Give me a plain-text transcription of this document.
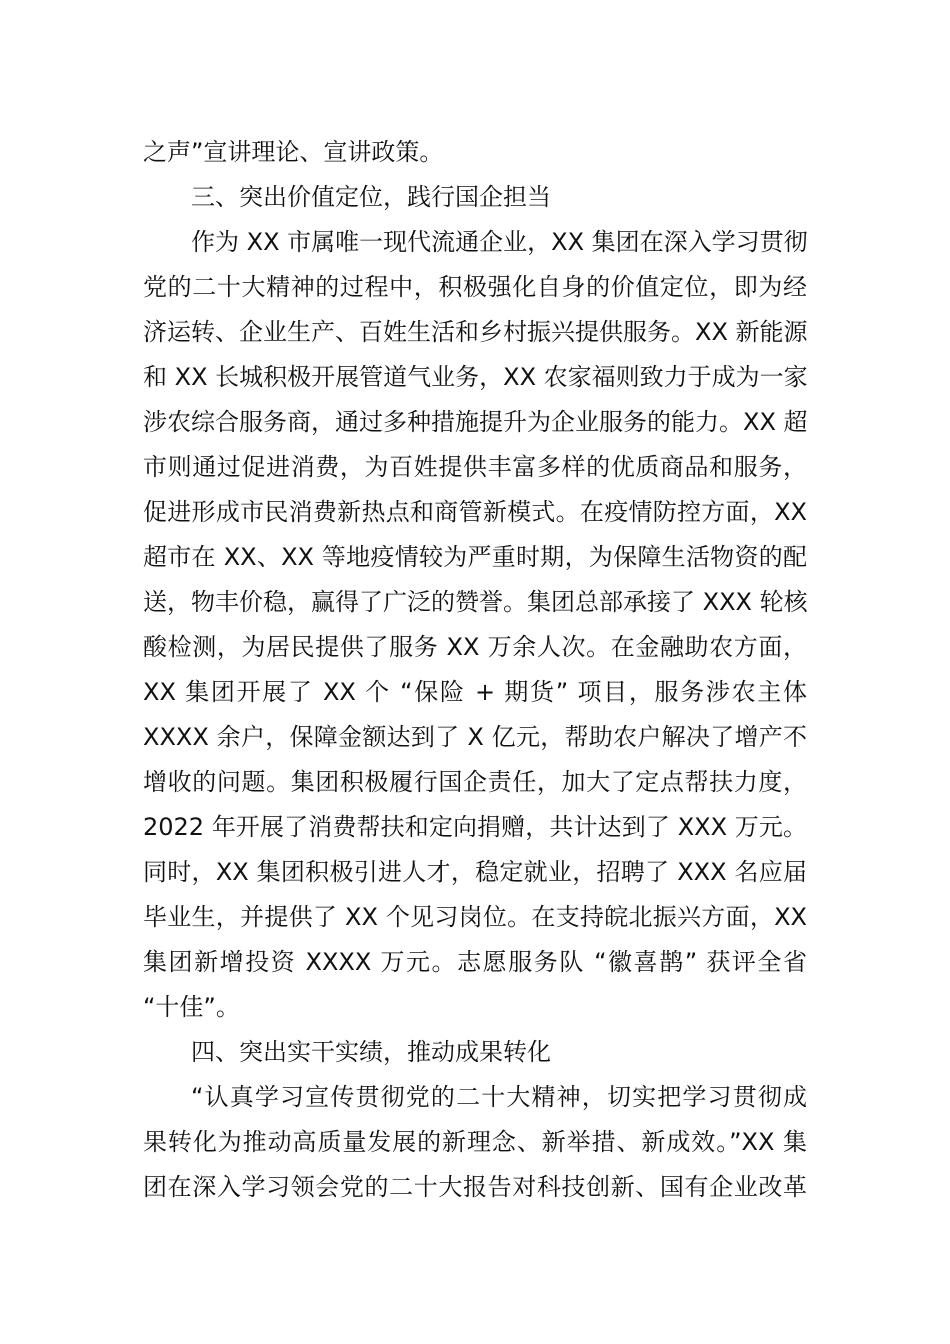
之声”宣讲理论、宣讲政策。
三、突出价值定位，践行国企担当
作为 XX 市属唯一现代流通企业，XX 集团在深入学习贯彻
党的二十大精神的过程中，积极强化自身的价值定位，即为经
济运转、企业生产、百姓生活和乡村振兴提供服务。XX 新能源
和 XX 长城积极开展管道气业务，XX 农家福则致力于成为一家
涉农综合服务商，通过多种措施提升为企业服务的能力。XX 超
市则通过促进消费，为百姓提供丰富多样的优质商品和服务，
促进形成市民消费新热点和商管新模式。在疫情防控方面，XX
超市在 XX、XX 等地疫情较为严重时期，为保障生活物资的配
送，物丰价稳，赢得了广泛的赞誉。集团总部承接了 XXX 轮核
酸检测，为居民提供了服务 XX 万余人次。在金融助农方面，
XX 集团开展了 XX 个 “保险 + 期货” 项目，服务涉农主体
XXXX 余户，保障金额达到了 X 亿元，帮助农户解决了增产不
增收的问题。集团积极履行国企责任，加大了定点帮扶力度，
2022 年开展了消费帮扶和定向捐赠，共计达到了 XXX 万元。
同时，XX 集团积极引进人才，稳定就业，招聘了 XXX 名应届
毕业生，并提供了 XX 个见习岗位。在支持皖北振兴方面，XX
集团新增投资 XXXX 万元。志愿服务队 “徽喜鹊” 获评全省
“十佳”。
四、突出实干实绩，推动成果转化
“认真学习宣传贯彻党的二十大精神，切实把学习贯彻成
果转化为推动高质量发展的新理念、新举措、新成效。”XX 集
团在深入学习领会党的二十大报告对科技创新、国有企业改革
